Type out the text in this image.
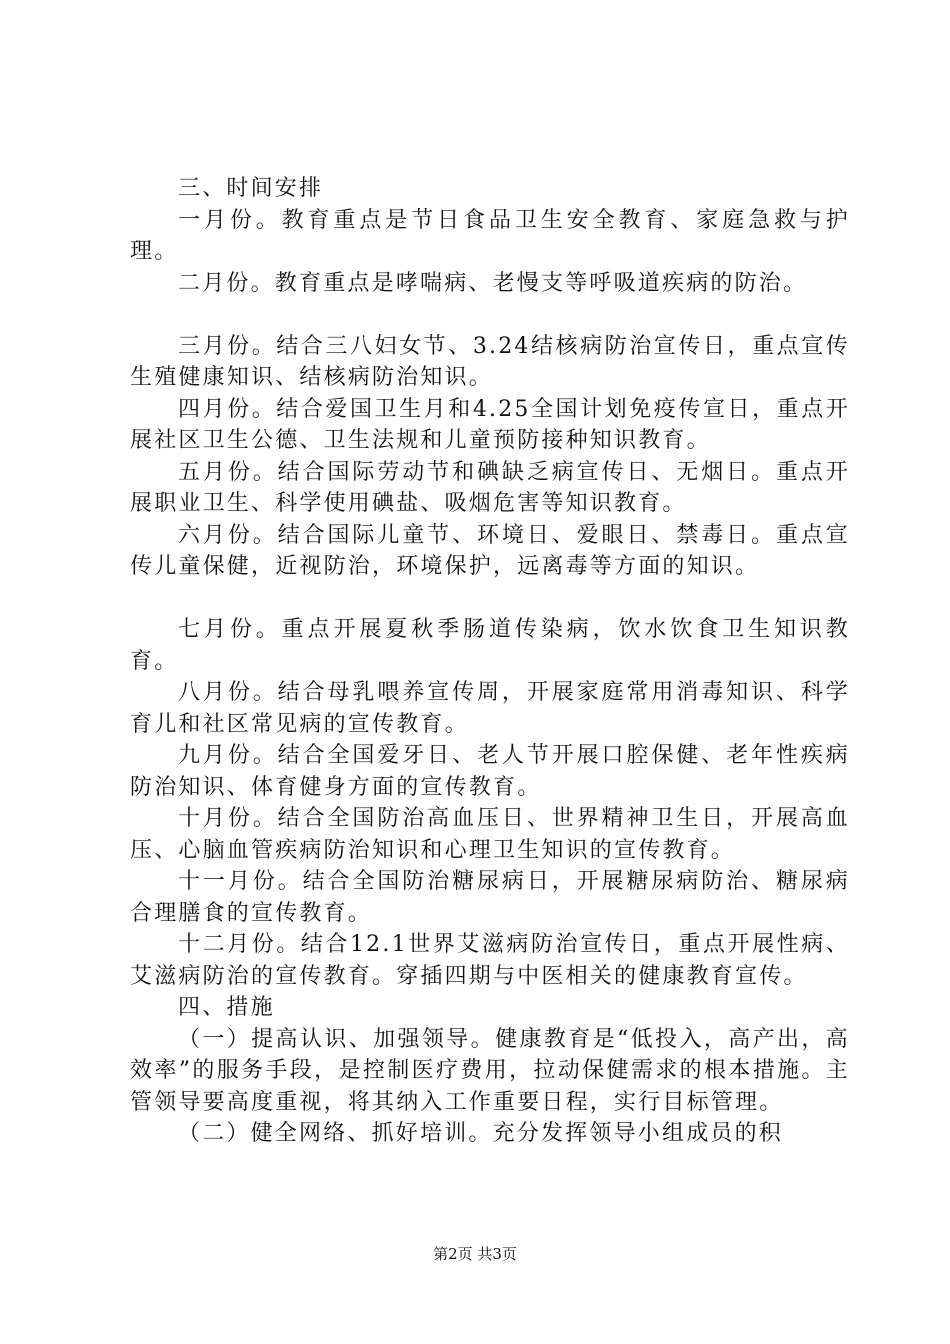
三、时间安排

一月份。教育重点是节日食品卫生安全教育、家庭急救与护理。

二月份。教育重点是哮喘病、老慢支等呼吸道疾病的防治。

三月份。结合三八妇女节、3.24结核病防治宣传日，重点宣传生殖健康知识、结核病防治知识。

四月份。结合爱国卫生月和4.25全国计划免疫传宣日，重点开展社区卫生公德、卫生法规和儿童预防接种知识教育。

五月份。结合国际劳动节和碘缺乏病宣传日、无烟日。重点开展职业卫生、科学使用碘盐、吸烟危害等知识教育。

六月份。结合国际儿童节、环境日、爱眼日、禁毒日。重点宣传儿童保健，近视防治，环境保护，远离毒等方面的知识。

七月份。重点开展夏秋季肠道传染病，饮水饮食卫生知识教育。

八月份。结合母乳喂养宣传周，开展家庭常用消毒知识、科学育儿和社区常见病的宣传教育。

九月份。结合全国爱牙日、老人节开展口腔保健、老年性疾病防治知识、体育健身方面的宣传教育。

十月份。结合全国防治高血压日、世界精神卫生日，开展高血压、心脑血管疾病防治知识和心理卫生知识的宣传教育。

十一月份。结合全国防治糖尿病日，开展糖尿病防治、糖尿病合理膳食的宣传教育。

十二月份。结合12.1世界艾滋病防治宣传日，重点开展性病、艾滋病防治的宣传教育。穿插四期与中医相关的健康教育宣传。

四、措施

（一）提高认识、加强领导。健康教育是“低投入，高产出，高效率”的服务手段，是控制医疗费用，拉动保健需求的根本措施。主管领导要高度重视，将其纳入工作重要日程，实行目标管理。

（二）健全网络、抓好培训。充分发挥领导小组成员的积

第2页 共3页
